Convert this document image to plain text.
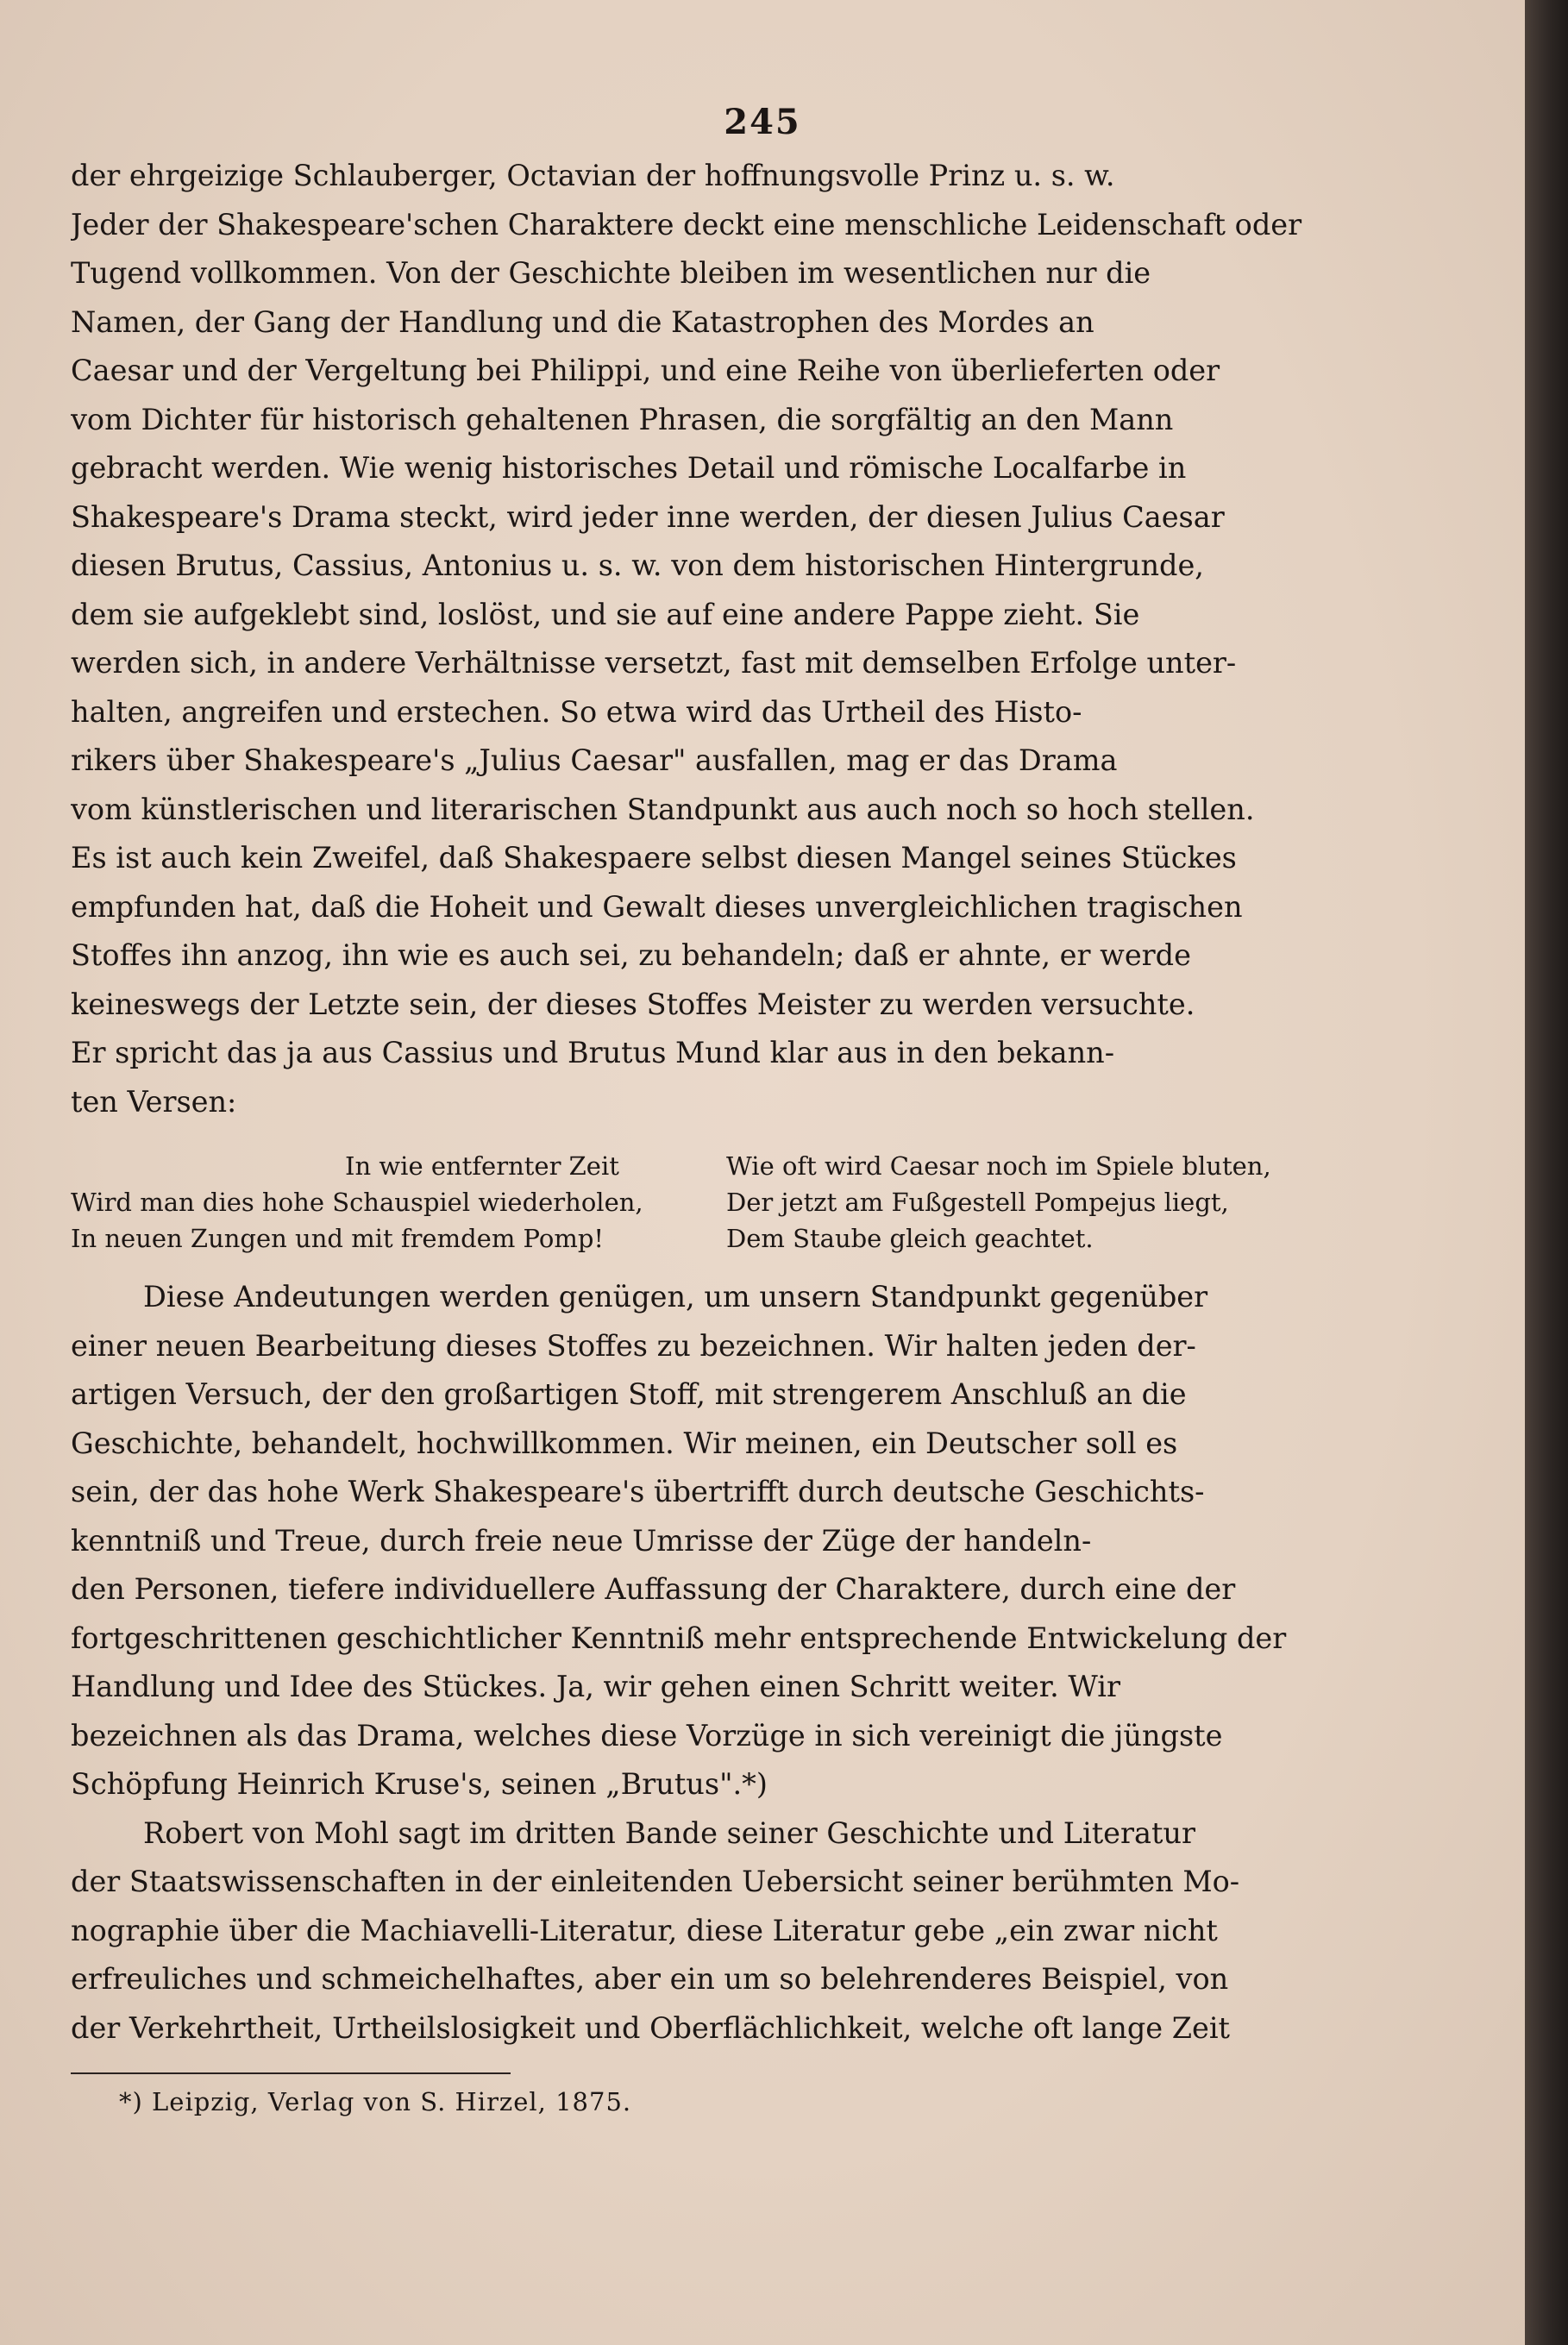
245
der ehrgeizige Schlauberger, Octavian der hoffnungsvolle Prinz u. s. w.
Jeder der Shakespeare'schen Charaktere deckt eine menschliche Leidenschaft oder
Tugend vollkommen. Von der Geschichte bleiben im wesentlichen nur die
Namen, der Gang der Handlung und die Katastrophen des Mordes an
Caesar und der Vergeltung bei Philippi, und eine Reihe von überlieferten oder
vom Dichter für historisch gehaltenen Phrasen, die sorgfältig an den Mann
gebracht werden. Wie wenig historisches Detail und römische Localfarbe in
Shakespeare's Drama steckt, wird jeder inne werden, der diesen Julius Caesar
diesen Brutus, Cassius, Antonius u. s. w. von dem historischen Hintergrunde,
dem sie aufgeklebt sind, loslöst, und sie auf eine andere Pappe zieht. Sie
werden sich, in andere Verhältnisse versetzt, fast mit demselben Erfolge unter-
halten, angreifen und erstechen. So etwa wird das Urtheil des Histo-
rikers über Shakespeare's „Julius Caesar" ausfallen, mag er das Drama
vom künstlerischen und literarischen Standpunkt aus auch noch so hoch stellen.
Es ist auch kein Zweifel, daß Shakespaere selbst diesen Mangel seines Stückes
empfunden hat, daß die Hoheit und Gewalt dieses unvergleichlichen tragischen
Stoffes ihn anzog, ihn wie es auch sei, zu behandeln; daß er ahnte, er werde
keineswegs der Letzte sein, der dieses Stoffes Meister zu werden versuchte.
Er spricht das ja aus Cassius und Brutus Mund klar aus in den bekann-
ten Versen:
In wie entfernter Zeit
Wird man dies hohe Schauspiel wiederholen,
In neuen Zungen und mit fremdem Pomp!
Wie oft wird Caesar noch im Spiele bluten,
Der jetzt am Fußgestell Pompejus liegt,
Dem Staube gleich geachtet.
Diese Andeutungen werden genügen, um unsern Standpunkt gegenüber
einer neuen Bearbeitung dieses Stoffes zu bezeichnen. Wir halten jeden der-
artigen Versuch, der den großartigen Stoff, mit strengerem Anschluß an die
Geschichte, behandelt, hochwillkommen. Wir meinen, ein Deutscher soll es
sein, der das hohe Werk Shakespeare's übertrifft durch deutsche Geschichts-
kenntniß und Treue, durch freie neue Umrisse der Züge der handeln-
den Personen, tiefere individuellere Auffassung der Charaktere, durch eine der
fortgeschrittenen geschichtlicher Kenntniß mehr entsprechende Entwickelung der
Handlung und Idee des Stückes. Ja, wir gehen einen Schritt weiter. Wir
bezeichnen als das Drama, welches diese Vorzüge in sich vereinigt die jüngste
Schöpfung Heinrich Kruse's, seinen „Brutus".*)
Robert von Mohl sagt im dritten Bande seiner Geschichte und Literatur
der Staatswissenschaften in der einleitenden Uebersicht seiner berühmten Mo-
nographie über die Machiavelli-Literatur, diese Literatur gebe „ein zwar nicht
erfreuliches und schmeichelhaftes, aber ein um so belehrenderes Beispiel, von
der Verkehrtheit, Urtheilslosigkeit und Oberflächlichkeit, welche oft lange Zeit
*) Leipzig, Verlag von S. Hirzel, 1875.
